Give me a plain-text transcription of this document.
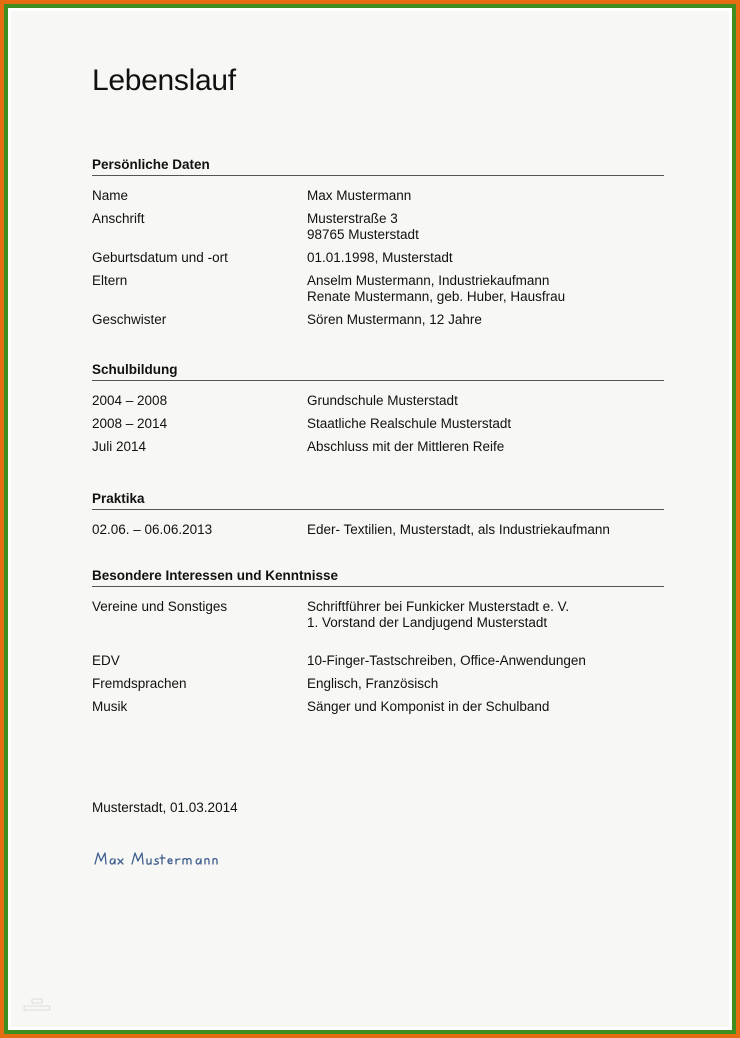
Lebenslauf
Persönliche Daten
Name	Max Mustermann
Anschrift	Musterstraße 3
98765 Musterstadt
Geburtsdatum und -ort	01.01.1998, Musterstadt
Eltern	Anselm Mustermann, Industriekaufmann
Renate Mustermann, geb. Huber, Hausfrau
Geschwister	Sören Mustermann, 12 Jahre
Schulbildung
2004 – 2008	Grundschule Musterstadt
2008 – 2014	Staatliche Realschule Musterstadt
Juli 2014	Abschluss mit der Mittleren Reife
Praktika
02.06. – 06.06.2013	Eder- Textilien, Musterstadt, als Industriekaufmann
Besondere Interessen und Kenntnisse
Vereine und Sonstiges	Schriftführer bei Funkicker Musterstadt e. V.
1. Vorstand der Landjugend Musterstadt
EDV	10-Finger-Tastschreiben, Office-Anwendungen
Fremdsprachen	Englisch, Französisch
Musik	Sänger und Komponist in der Schulband
Musterstadt, 01.03.2014
